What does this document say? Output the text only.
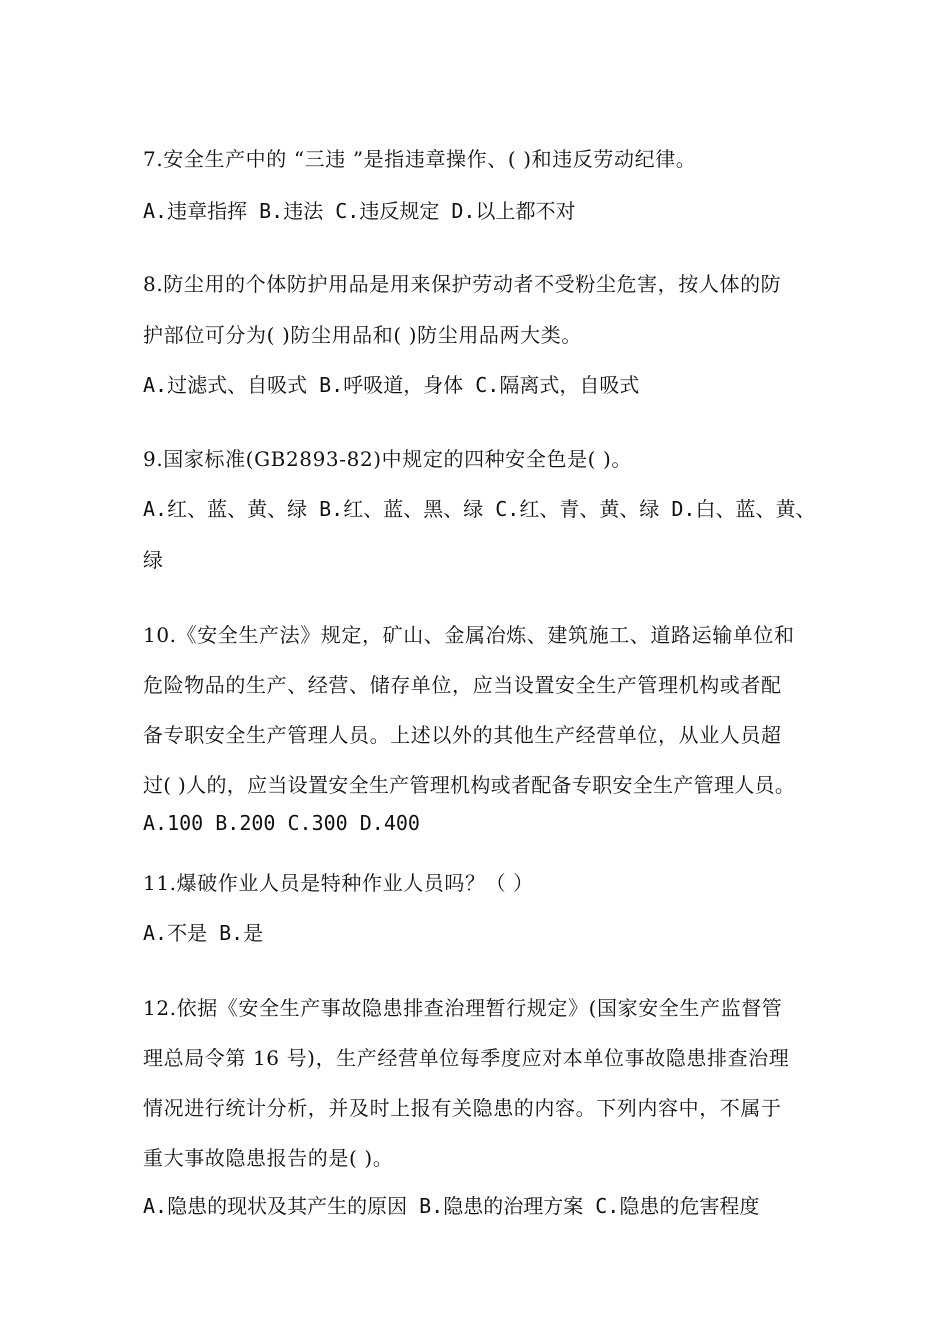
7.安全生产中的 “三违 ”是指违章操作、( )和违反劳动纪律。
A.违章指挥 B.违法 C.违反规定 D.以上都不对
8.防尘用的个体防护用品是用来保护劳动者不受粉尘危害，按人体的防
护部位可分为( )防尘用品和( )防尘用品两大类。
A.过滤式、自吸式 B.呼吸道，身体 C.隔离式，自吸式
9.国家标准(GB2893-82)中规定的四种安全色是( )。
A.红、蓝、黄、绿 B.红、蓝、黑、绿 C.红、青、黄、绿 D.白、蓝、黄、
绿
10.《安全生产法》规定，矿山、金属冶炼、建筑施工、道路运输单位和
危险物品的生产、经营、储存单位，应当设置安全生产管理机构或者配
备专职安全生产管理人员。上述以外的其他生产经营单位，从业人员超
过( )人的，应当设置安全生产管理机构或者配备专职安全生产管理人员。
A.100 B.200 C.300 D.400
11.爆破作业人员是特种作业人员吗？（ ）
A.不是 B.是
12.依据《安全生产事故隐患排查治理暂行规定》(国家安全生产监督管
理总局令第 16 号)，生产经营单位每季度应对本单位事故隐患排查治理
情况进行统计分析，并及时上报有关隐患的内容。下列内容中，不属于
重大事故隐患报告的是( )。
A.隐患的现状及其产生的原因 B.隐患的治理方案 C.隐患的危害程度
